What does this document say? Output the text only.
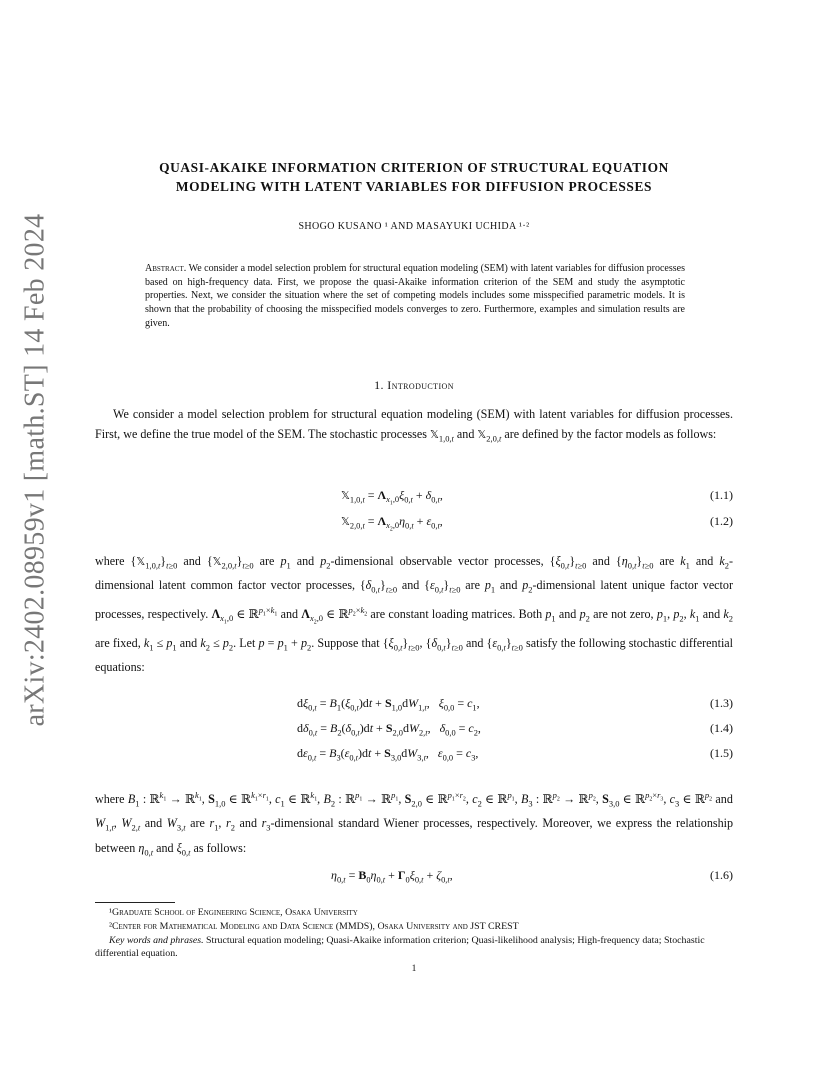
arXiv:2402.08959v1 [math.ST] 14 Feb 2024
QUASI-AKAIKE INFORMATION CRITERION OF STRUCTURAL EQUATION
MODELING WITH LATENT VARIABLES FOR DIFFUSION PROCESSES
SHOGO KUSANO ¹ AND MASAYUKI UCHIDA ¹·²
Abstract. We consider a model selection problem for structural equation modeling (SEM) with latent variables for diffusion processes based on high-frequency data. First, we propose the quasi-Akaike information criterion of the SEM and study the asymptotic properties. Next, we consider the situation where the set of competing models includes some misspecified parametric models. It is shown that the probability of choosing the misspecified models converges to zero. Furthermore, examples and simulation results are given.
1. Introduction
We consider a model selection problem for structural equation modeling (SEM) with latent variables for diffusion processes. First, we define the true model of the SEM. The stochastic processes 𝕏$_{1,0,t}$ and 𝕏$_{2,0,t}$ are defined by the factor models as follows:
𝕏$_{1,0,t}$ = $\Lambda_{x_1,0}\xi_{0,t} + \delta_{0,t}$,	(1.1)
𝕏$_{2,0,t}$ = $\Lambda_{x_2,0}\eta_{0,t} + \varepsilon_{0,t}$,	(1.2)
where $\{𝕏_{1,0,t}\}_{t\ge 0}$ and $\{𝕏_{2,0,t}\}_{t\ge 0}$ are $p_1$ and $p_2$-dimensional observable vector processes, $\{\xi_{0,t}\}_{t\ge 0}$ and $\{\eta_{0,t}\}_{t\ge 0}$ are $k_1$ and $k_2$-dimensional latent common factor vector processes, $\{\delta_{0,t}\}_{t\ge 0}$ and $\{\varepsilon_{0,t}\}_{t\ge 0}$ are $p_1$ and $p_2$-dimensional latent unique factor vector processes, respectively. $\Lambda_{x_1,0}$ ∈ ℝ$^{p_1\times k_1}$ and $\Lambda_{x_2,0}$ ∈ ℝ$^{p_2\times k_2}$ are constant loading matrices. Both $p_1$ and $p_2$ are not zero, $p_1$, $p_2$, $k_1$ and $k_2$ are fixed, $k_1 \le p_1$ and $k_2 \le p_2$. Let $p = p_1 + p_2$. Suppose that $\{\xi_{0,t}\}_{t\ge 0}$, $\{\delta_{0,t}\}_{t\ge 0}$ and $\{\varepsilon_{0,t}\}_{t\ge 0}$ satisfy the following stochastic differential equations:
$d\xi_{0,t} = B_1(\xi_{0,t})dt + S_{1,0}dW_{1,t}$,   $\xi_{0,0} = c_1$,	(1.3)
$d\delta_{0,t} = B_2(\delta_{0,t})dt + S_{2,0}dW_{2,t}$,   $\delta_{0,0} = c_2$,	(1.4)
$d\varepsilon_{0,t} = B_3(\varepsilon_{0,t})dt + S_{3,0}dW_{3,t}$,   $\varepsilon_{0,0} = c_3$,	(1.5)
where $B_1$ : ℝ$^{k_1}$ → ℝ$^{k_1}$, $S_{1,0}$ ∈ ℝ$^{k_1\times r_1}$, $c_1$ ∈ ℝ$^{k_1}$, $B_2$ : ℝ$^{p_1}$ → ℝ$^{p_1}$, $S_{2,0}$ ∈ ℝ$^{p_1\times r_2}$, $c_2$ ∈ ℝ$^{p_1}$, $B_3$ : ℝ$^{p_2}$ → ℝ$^{p_2}$, $S_{3,0}$ ∈ ℝ$^{p_2\times r_3}$, $c_3$ ∈ ℝ$^{p_2}$ and $W_{1,t}$, $W_{2,t}$ and $W_{3,t}$ are $r_1$, $r_2$ and $r_3$-dimensional standard Wiener processes, respectively. Moreover, we express the relationship between $\eta_{0,t}$ and $\xi_{0,t}$ as follows:
$\eta_{0,t} = B_0\eta_{0,t} + \Gamma_0\xi_{0,t} + \zeta_{0,t}$,	(1.6)
¹Graduate School of Engineering Science, Osaka University
²Center for Mathematical Modeling and Data Science (MMDS), Osaka University and JST CREST
Key words and phrases. Structural equation modeling; Quasi-Akaike information criterion; Quasi-likelihood analysis; High-frequency data; Stochastic differential equation.
1
